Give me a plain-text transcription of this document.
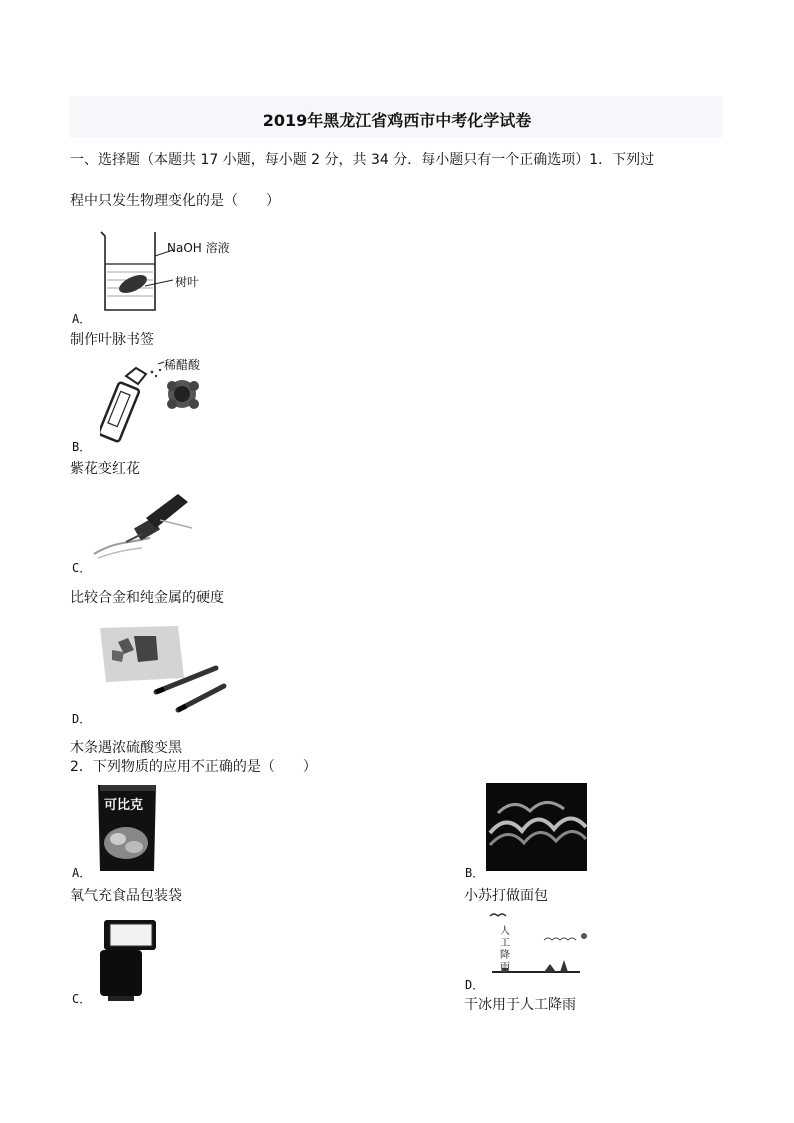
2019年黑龙江省鸡西市中考化学试卷
一、选择题（本题共 17 小题，每小题 2 分，共 34 分．每小题只有一个正确选项）1．下列过
程中只发生物理变化的是（　　）
NaOH 溶液
树叶
A．
制作叶脉书签
稀醋酸
B．
紫花变红花
C．
比较合金和纯金属的硬度
D．
木条遇浓硫酸变黑
2．下列物质的应用不正确的是（　　）
可比克
A．
氧气充食品包装袋
B．
小苏打做面包
C．
人
工
降
雨
D．
干冰用于人工降雨
